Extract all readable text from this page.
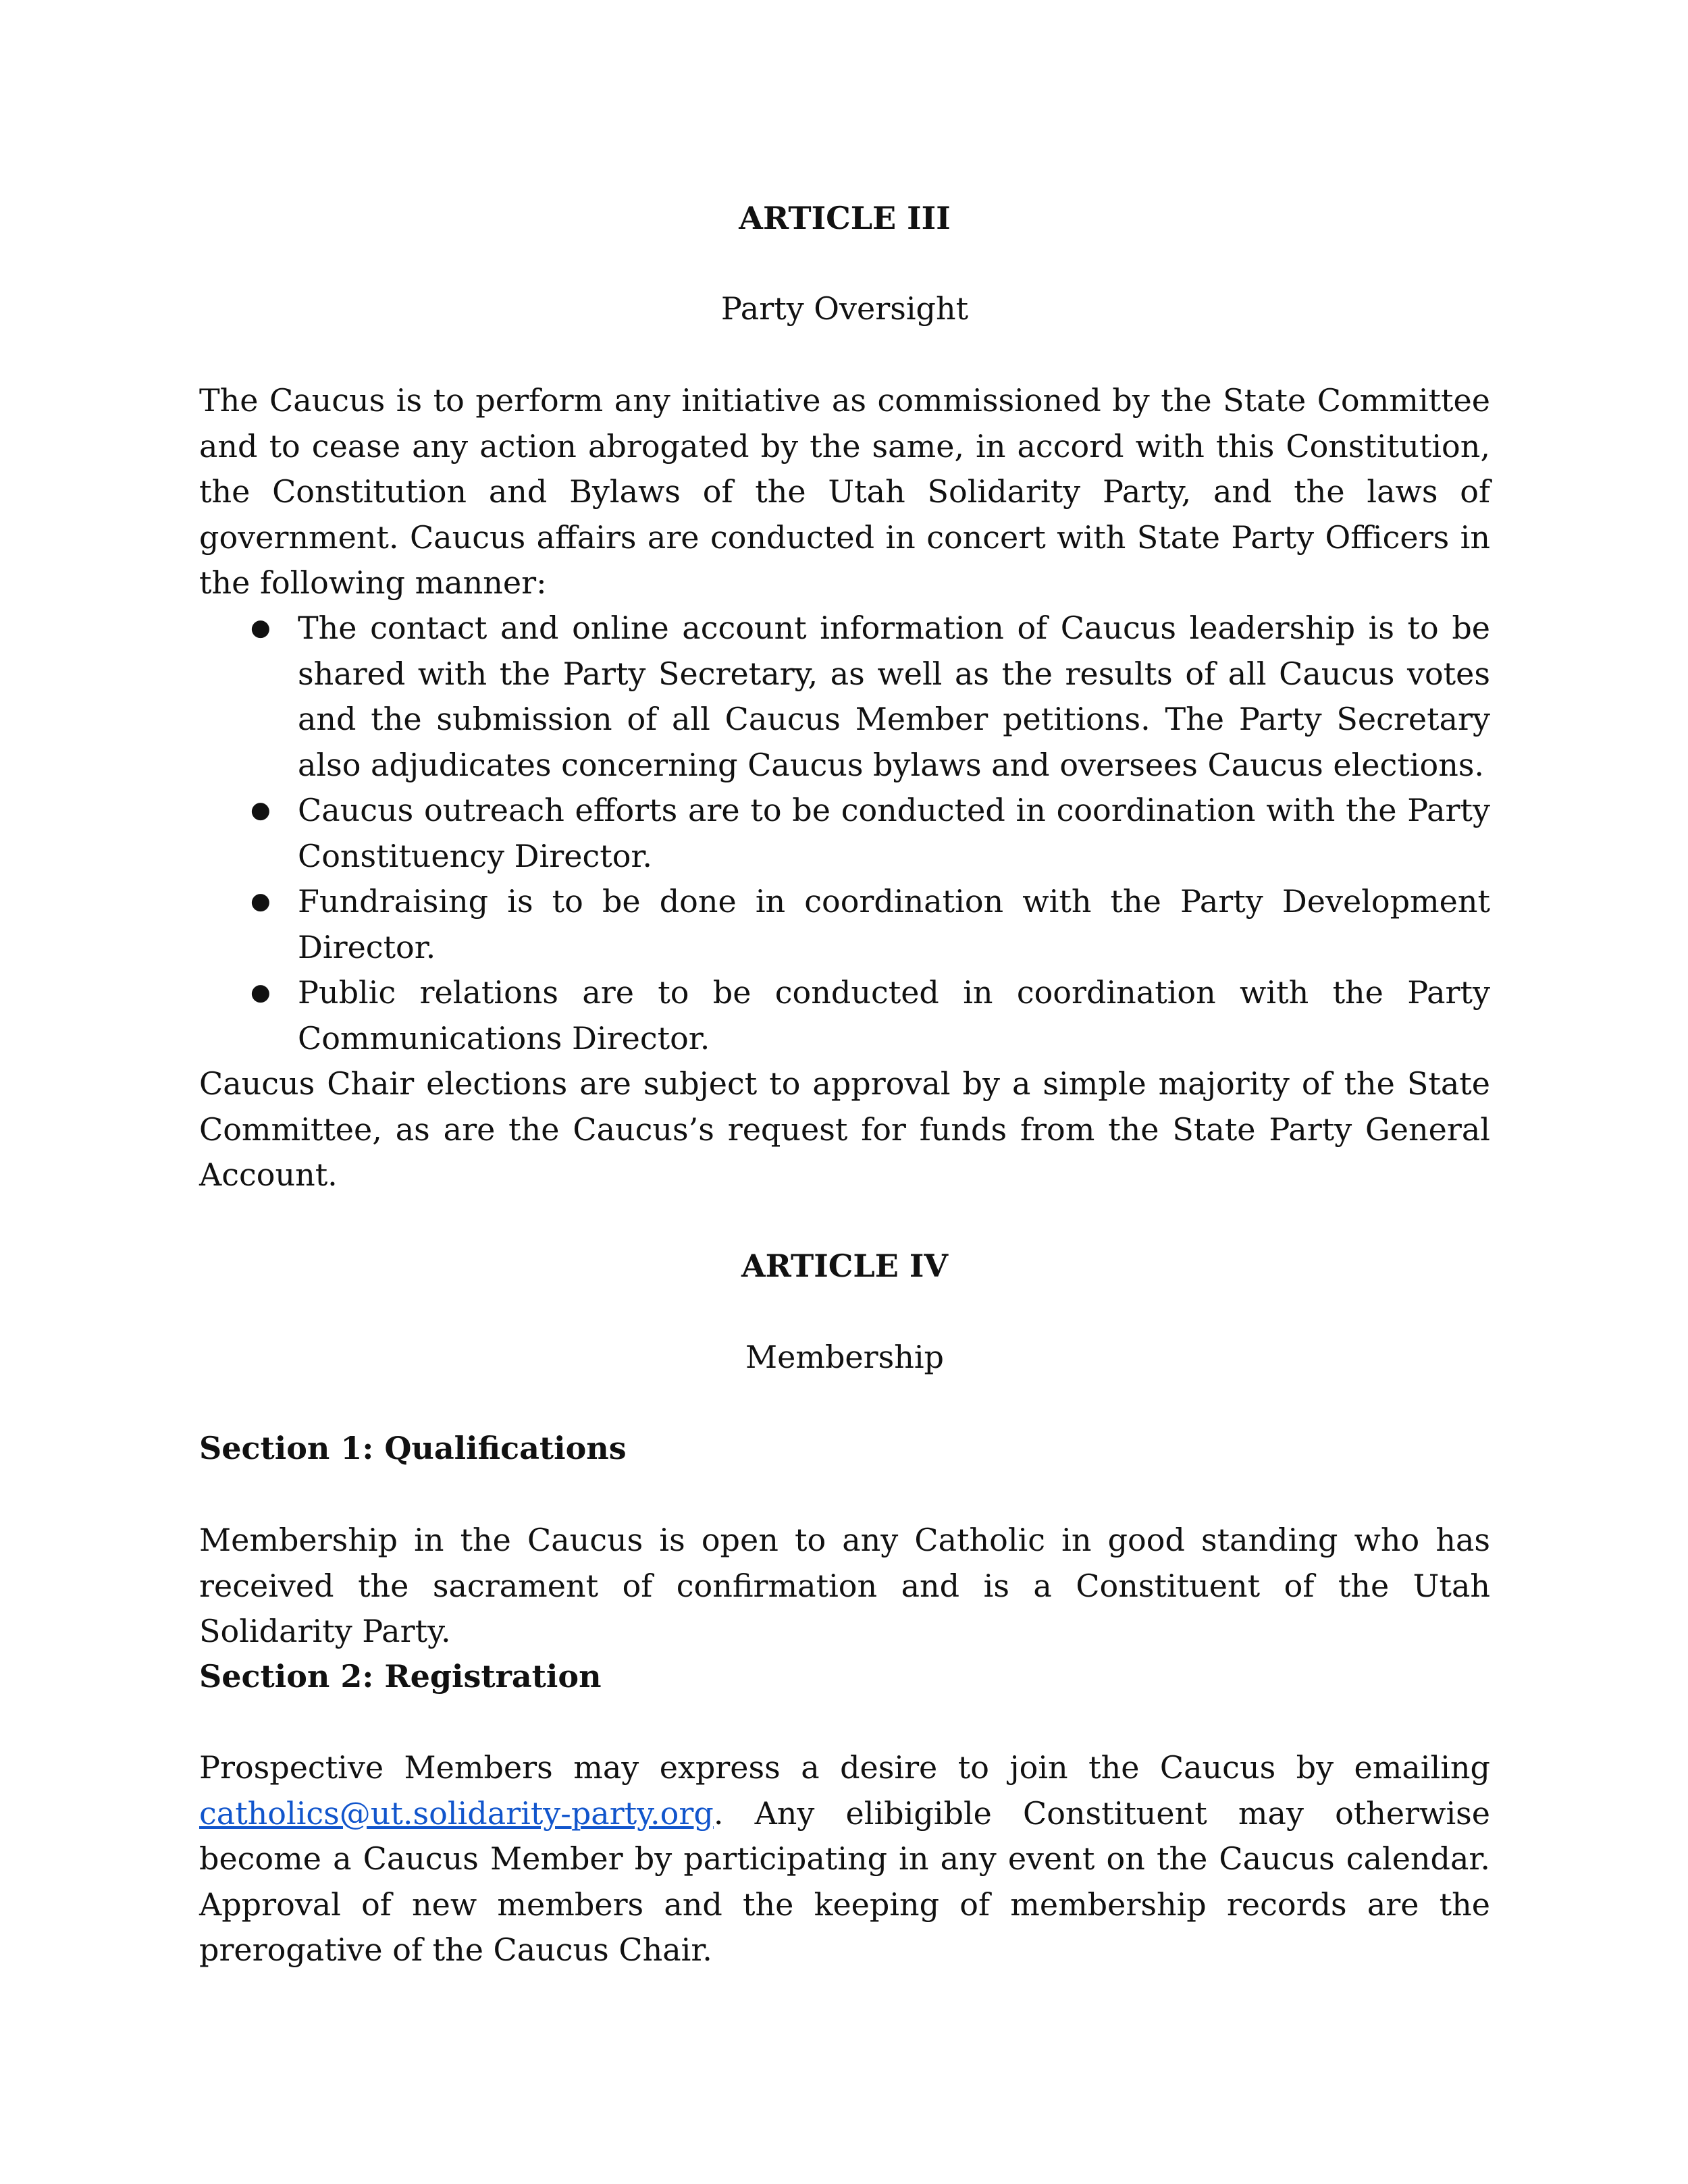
ARTICLE III

Party Oversight

The Caucus is to perform any initiative as commissioned by the State Committee and to cease any action abrogated by the same, in accord with this Constitution, the Constitution and Bylaws of the Utah Solidarity Party, and the laws of government. Caucus affairs are conducted in concert with State Party Officers in the following manner:

● The contact and online account information of Caucus leadership is to be shared with the Party Secretary, as well as the results of all Caucus votes and the submission of all Caucus Member petitions. The Party Secretary also adjudicates concerning Caucus bylaws and oversees Caucus elections.
● Caucus outreach efforts are to be conducted in coordination with the Party Constituency Director.
● Fundraising is to be done in coordination with the Party Development Director.
● Public relations are to be conducted in coordination with the Party Communications Director.

Caucus Chair elections are subject to approval by a simple majority of the State Committee, as are the Caucus’s request for funds from the State Party General Account.

ARTICLE IV

Membership

Section 1: Qualifications

Membership in the Caucus is open to any Catholic in good standing who has received the sacrament of confirmation and is a Constituent of the Utah Solidarity Party.

Section 2: Registration

Prospective Members may express a desire to join the Caucus by emailing catholics@ut.solidarity-party.org. Any elibigible Constituent may otherwise become a Caucus Member by participating in any event on the Caucus calendar. Approval of new members and the keeping of membership records are the prerogative of the Caucus Chair.
